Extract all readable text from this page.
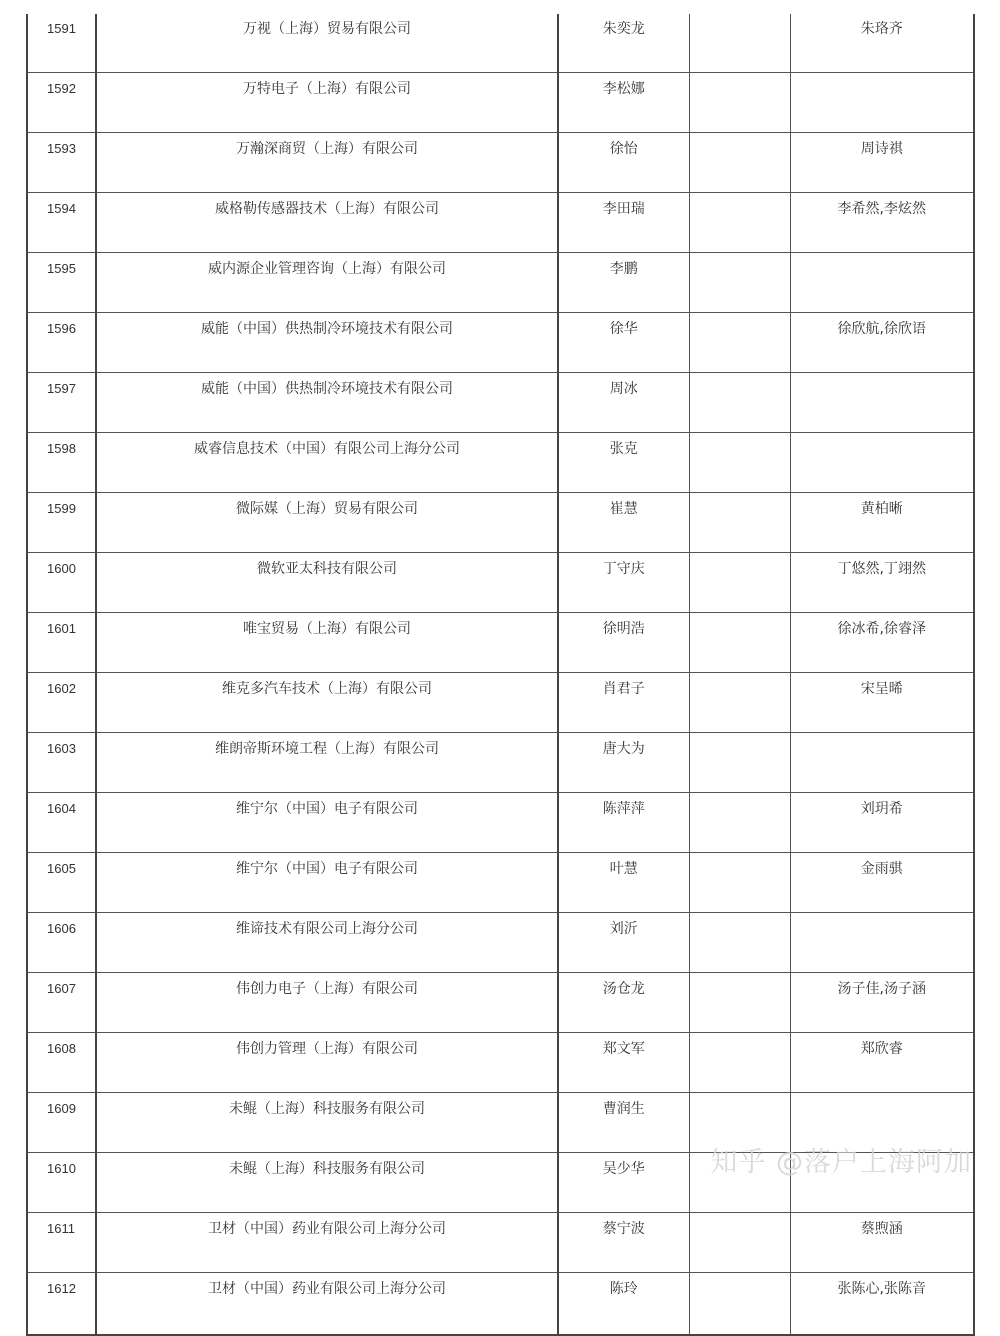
1591	万视（上海）贸易有限公司	朱奕龙		朱珞齐
1592	万特电子（上海）有限公司	李松娜		
1593	万瀚深商贸（上海）有限公司	徐怡		周诗祺
1594	威格勒传感器技术（上海）有限公司	李田瑞		李希然,李炫然
1595	威内源企业管理咨询（上海）有限公司	李鹏		
1596	威能（中国）供热制冷环境技术有限公司	徐华		徐欣航,徐欣语
1597	威能（中国）供热制冷环境技术有限公司	周冰		
1598	威睿信息技术（中国）有限公司上海分公司	张克		
1599	微际媒（上海）贸易有限公司	崔慧		黄柏晰
1600	微软亚太科技有限公司	丁守庆		丁悠然,丁翊然
1601	唯宝贸易（上海）有限公司	徐明浩		徐冰希,徐睿泽
1602	维克多汽车技术（上海）有限公司	肖君子		宋呈晞
1603	维朗帝斯环境工程（上海）有限公司	唐大为		
1604	维宁尔（中国）电子有限公司	陈萍萍		刘玥希
1605	维宁尔（中国）电子有限公司	叶慧		金雨骐
1606	维谛技术有限公司上海分公司	刘沂		
1607	伟创力电子（上海）有限公司	汤仓龙		汤子佳,汤子涵
1608	伟创力管理（上海）有限公司	郑文军		郑欣睿
1609	未鲲（上海）科技服务有限公司	曹润生		
1610	未鲲（上海）科技服务有限公司	吴少华		
1611	卫材（中国）药业有限公司上海分公司	蔡宁波		蔡煦涵
1612	卫材（中国）药业有限公司上海分公司	陈玲		张陈心,张陈音
知乎 @落户上海阿加
